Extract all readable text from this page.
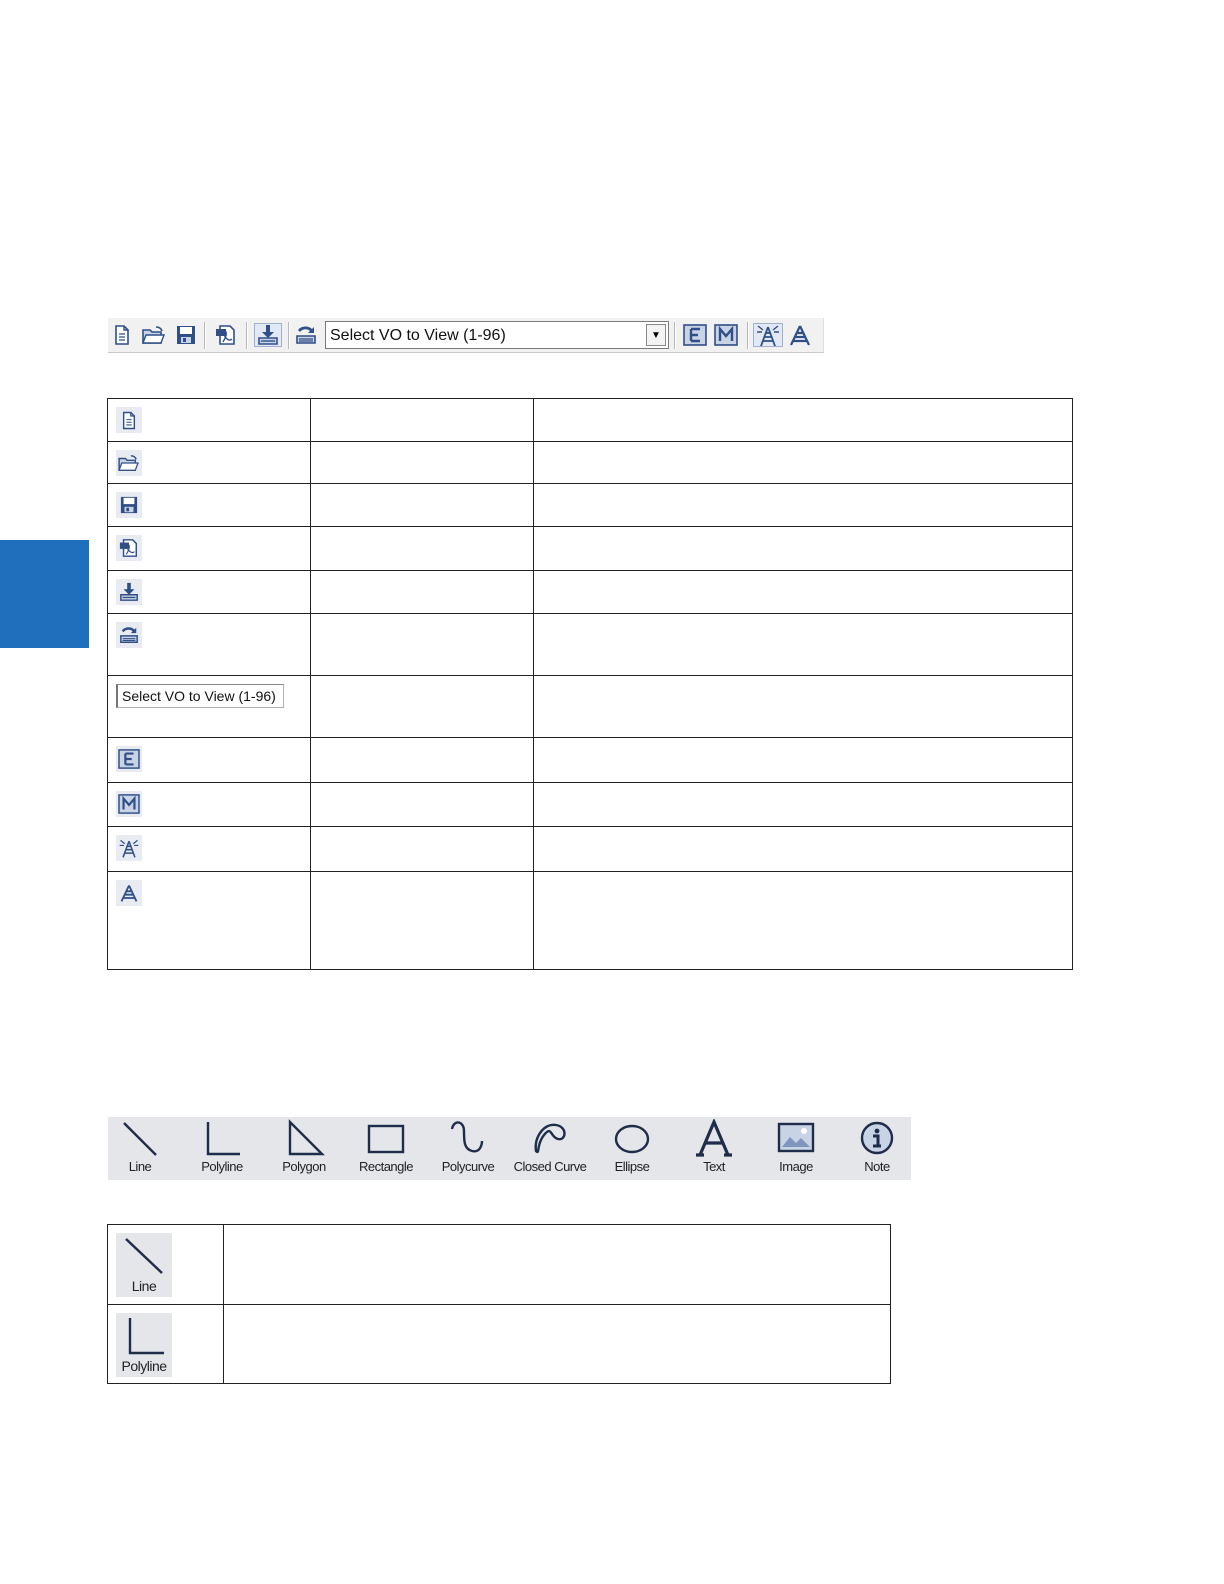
Select VO to View (1-96)	▼

Select VO to View (1-96)		

Line	Polyline	Polygon	Rectangle	Polycurve	Closed Curve	Ellipse	Text	Image	Note
Line	

Polyline	
